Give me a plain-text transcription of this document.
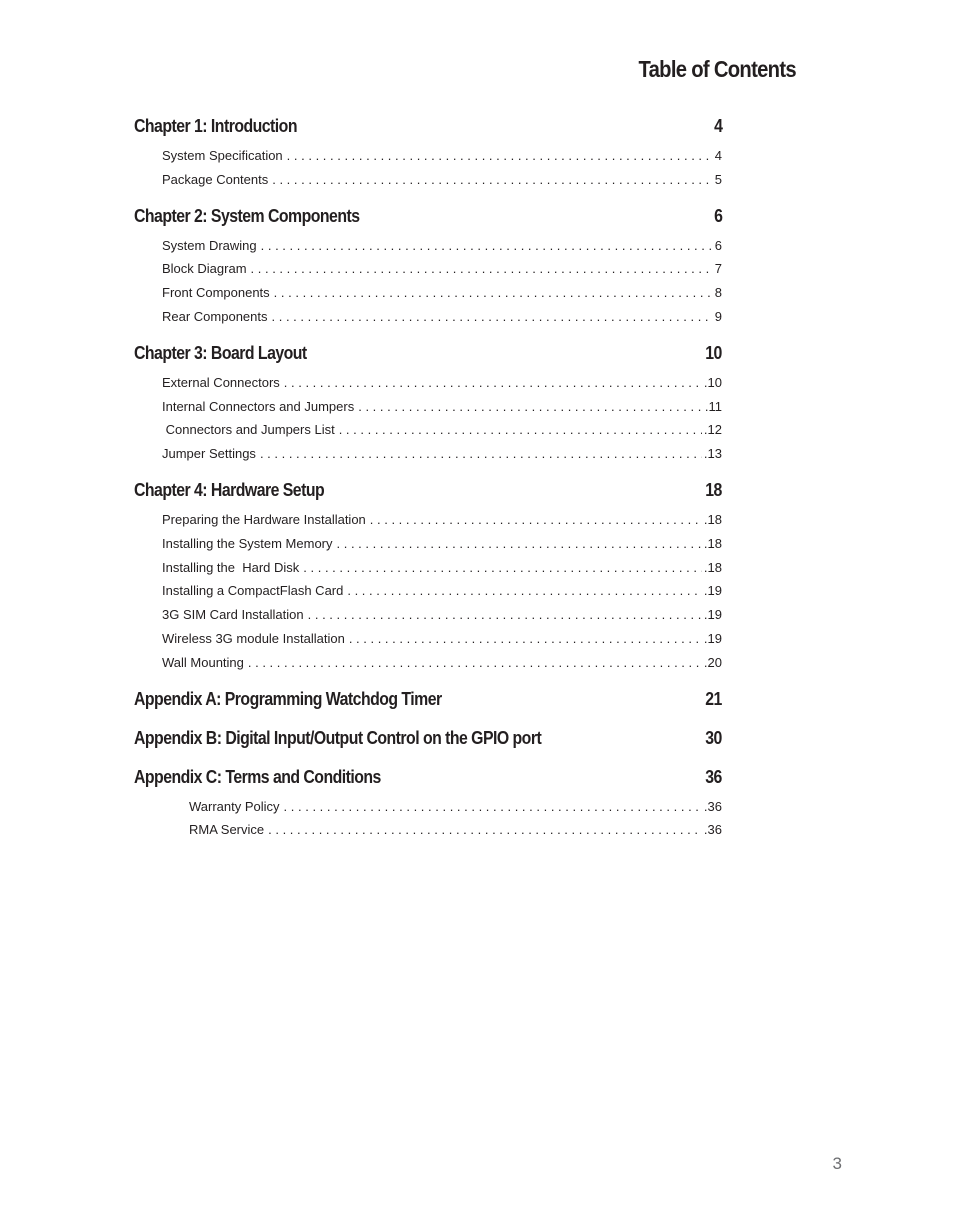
Table of Contents
Chapter 1: Introduction	4
System Specification . . .	4
Package Contents . . .	5
Chapter 2: System Components	6
System Drawing . . .	6
Block Diagram . . .	7
Front Components . . .	8
Rear Components . . .	9
Chapter 3: Board Layout	10
External Connectors . . .	.10
Internal Connectors and Jumpers . . .	.11
Connectors and Jumpers List . . .	.12
Jumper Settings . . .	.13
Chapter 4: Hardware Setup	18
Preparing the Hardware Installation . . .	.18
Installing the System Memory . . .	.18
Installing the  Hard Disk . . .	.18
Installing a CompactFlash Card . . .	.19
3G SIM Card Installation . . .	.19
Wireless 3G module Installation . . .	.19
Wall Mounting . . .	.20
Appendix A: Programming Watchdog Timer	21
Appendix B: Digital Input/Output Control on the GPIO port	30
Appendix C: Terms and Conditions	36
Warranty Policy . . .	.36
RMA Service . . .	.36
3
